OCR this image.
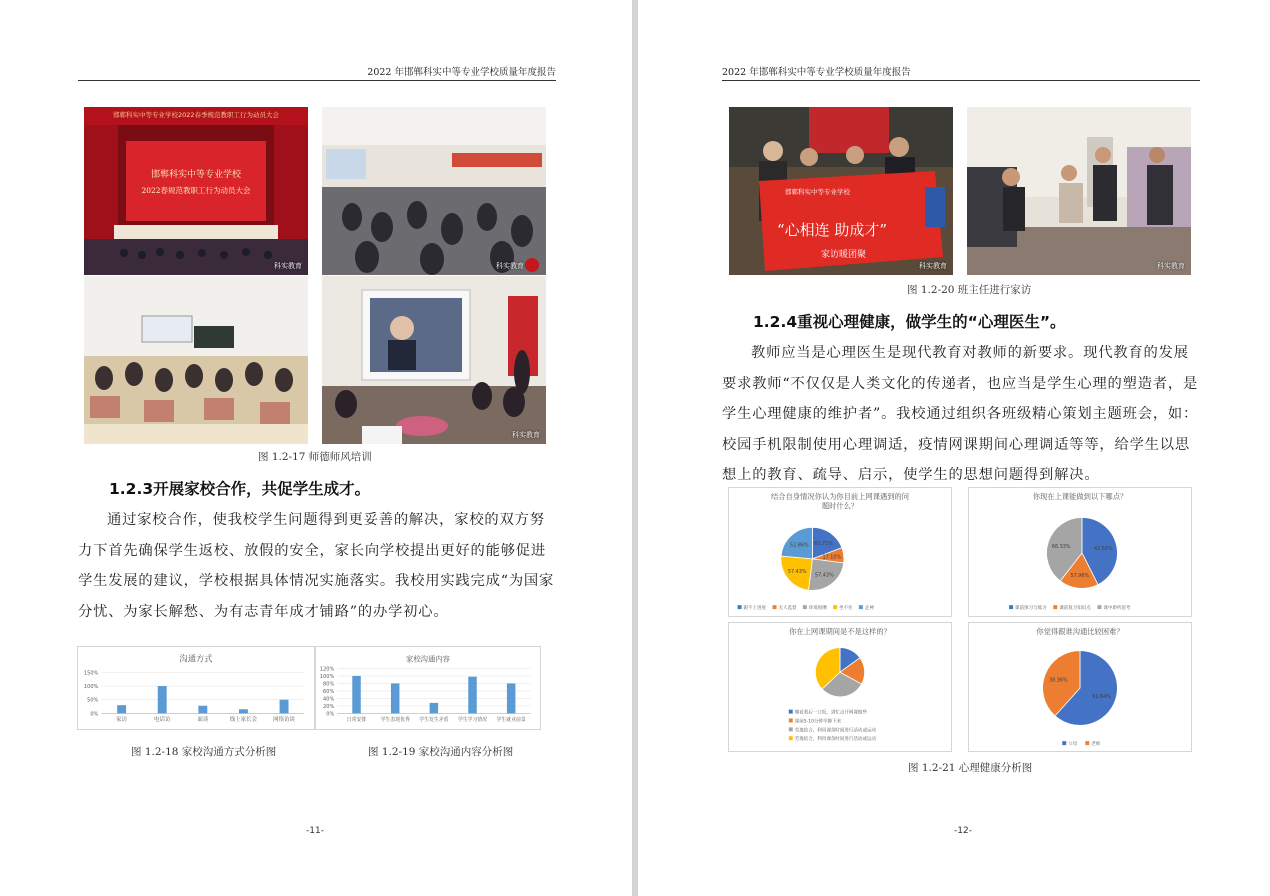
2022 年邯郸科实中等专业学校质量年度报告
邯郸科实中等专业学校2022春季规范教职工行为动员大会
邯郸科实中等专业学校
2022春规范教职工行为动员大会
科实教育	科实教育
科实教育
图 1.2-17 师德师风培训
1.2.3开展家校合作，共促学生成才。
通过家校合作，使我校学生问题得到更妥善的解决，家校的双方努力下首先确保学生返校、放假的安全，家长向学校提出更好的能够促进学生发展的建议，学校根据具体情况实施落实。我校用实践完成“为国家分忧、为家长解愁、为有志青年成才铺路”的办学初心。
沟通方式
150%
100%
50%
0%
家访	电话访	面谈	线上家长会	网络访谈
家校沟通内容
120%
100%
80%
60%
40%
20%
0%
日常安排	学生表现优秀 学生发生矛盾 学生学习情况 学生就业前景
图 1.2-18 家校沟通方式分析图	图 1.2-19 家校沟通内容分析图
-11-
2022 年邯郸科实中等专业学校质量年度报告
邯郸科实中等专业学校
“心相连 助成才”
家访暖团聚
科实教育	科实教育
图 1.2-20 班主任进行家访
1.2.4重视心理健康，做学生的“心理医生”。
教师应当是心理医生是现代教育对教师的新要求。现代教育的发展要求教师“不仅仅是人类文化的传递者，也应当是学生心理的塑造者，是学生心理健康的维护者”。我校通过组织各班级精心策划主题班会，如：校园手机限制使用心理调适，疫情网课期间心理调适等等，给学生以思想上的教育、疏导、启示，使学生的思想问题得到解决。
结合自身情况你认为你目前上网课遇到的问
题时什么？
65.71%
17.10%
57.43%
57.43%
52.86%
跟不上进度	无人监督	环境很嘈	坐不住	走神
你现在上课能做到以下哪点？
42.55%
57.96%
66.33%
课前预习与练习	课前复习知识点	课中聆听思考
你在上网课期间是不是这样的？
哪看着后一口饭，到忙点开网课做些
课前5-10分钟早静下来
劳逸结合，利用课余时间进行活动或运动
劳逸结合，利用课余时间进行活动或运动
你觉得跟谁沟通比较困难？
61.64%
38.36%
父母	老师
图 1.2-21 心理健康分析图
-12-
